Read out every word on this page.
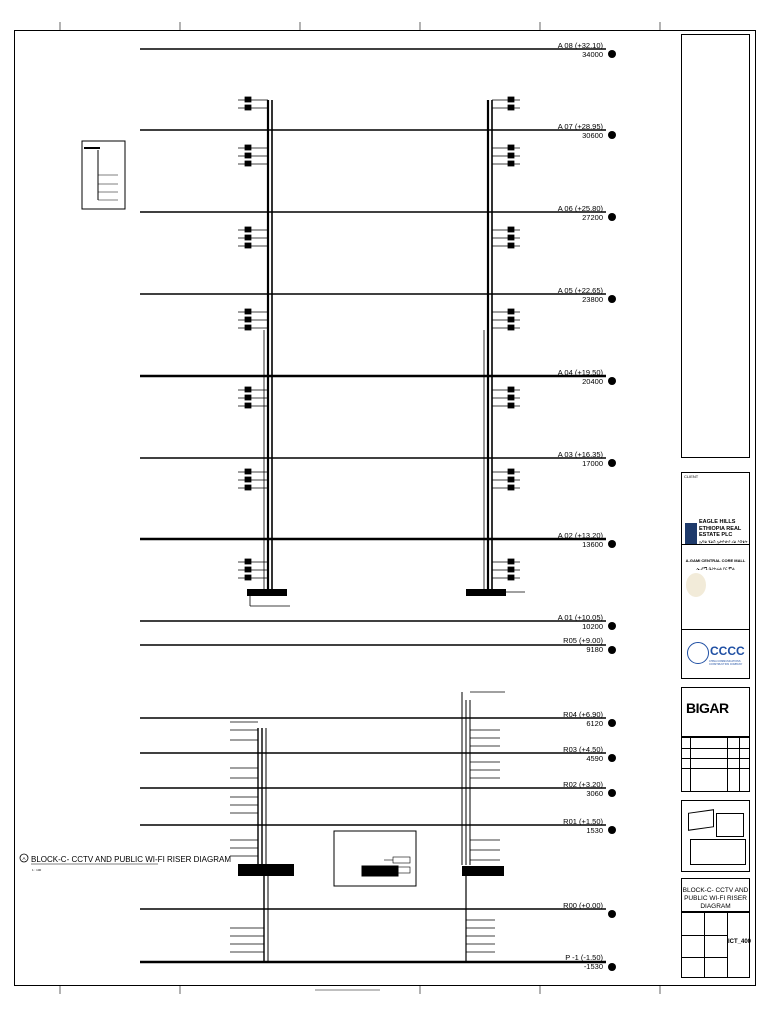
A 08 (+32.10)
34000
A 07 (+28.95)
30600
A 06 (+25.80)
27200
A 05 (+22.65)
23800
A 04 (+19.50)
20400
A 03 (+16.35)
17000
A 02 (+13.20)
13600
A 01 (+10.05)
10200
R05 (+9.00)
9180
R04 (+6.90)
6120
R03 (+4.50)
4590
R02 (+3.20)
3060
R01 (+1.50)
1530
R00 (+0.00)
P -1 (-1.50)
-1530
A BLOCK-C- CCTV AND PUBLIC WI-FI RISER DIAGRAM
1 : 100
CLIENT
EAGLE HILLS ETHIOPIA REAL ESTATE PLC
ኢግል ሂልስ ኢትዮጵያ ሪል እስቴት
A-GAMI CENTRAL CORE MALL
ኤ-ጋሚ ሴንትራል ኮር ሞል
CCCC
CHINA COMMUNICATIONS CONSTRUCTION COMPANY
BIGAR
BLOCK-C- CCTV AND PUBLIC WI-FI RISER DIAGRAM
ICT_400
